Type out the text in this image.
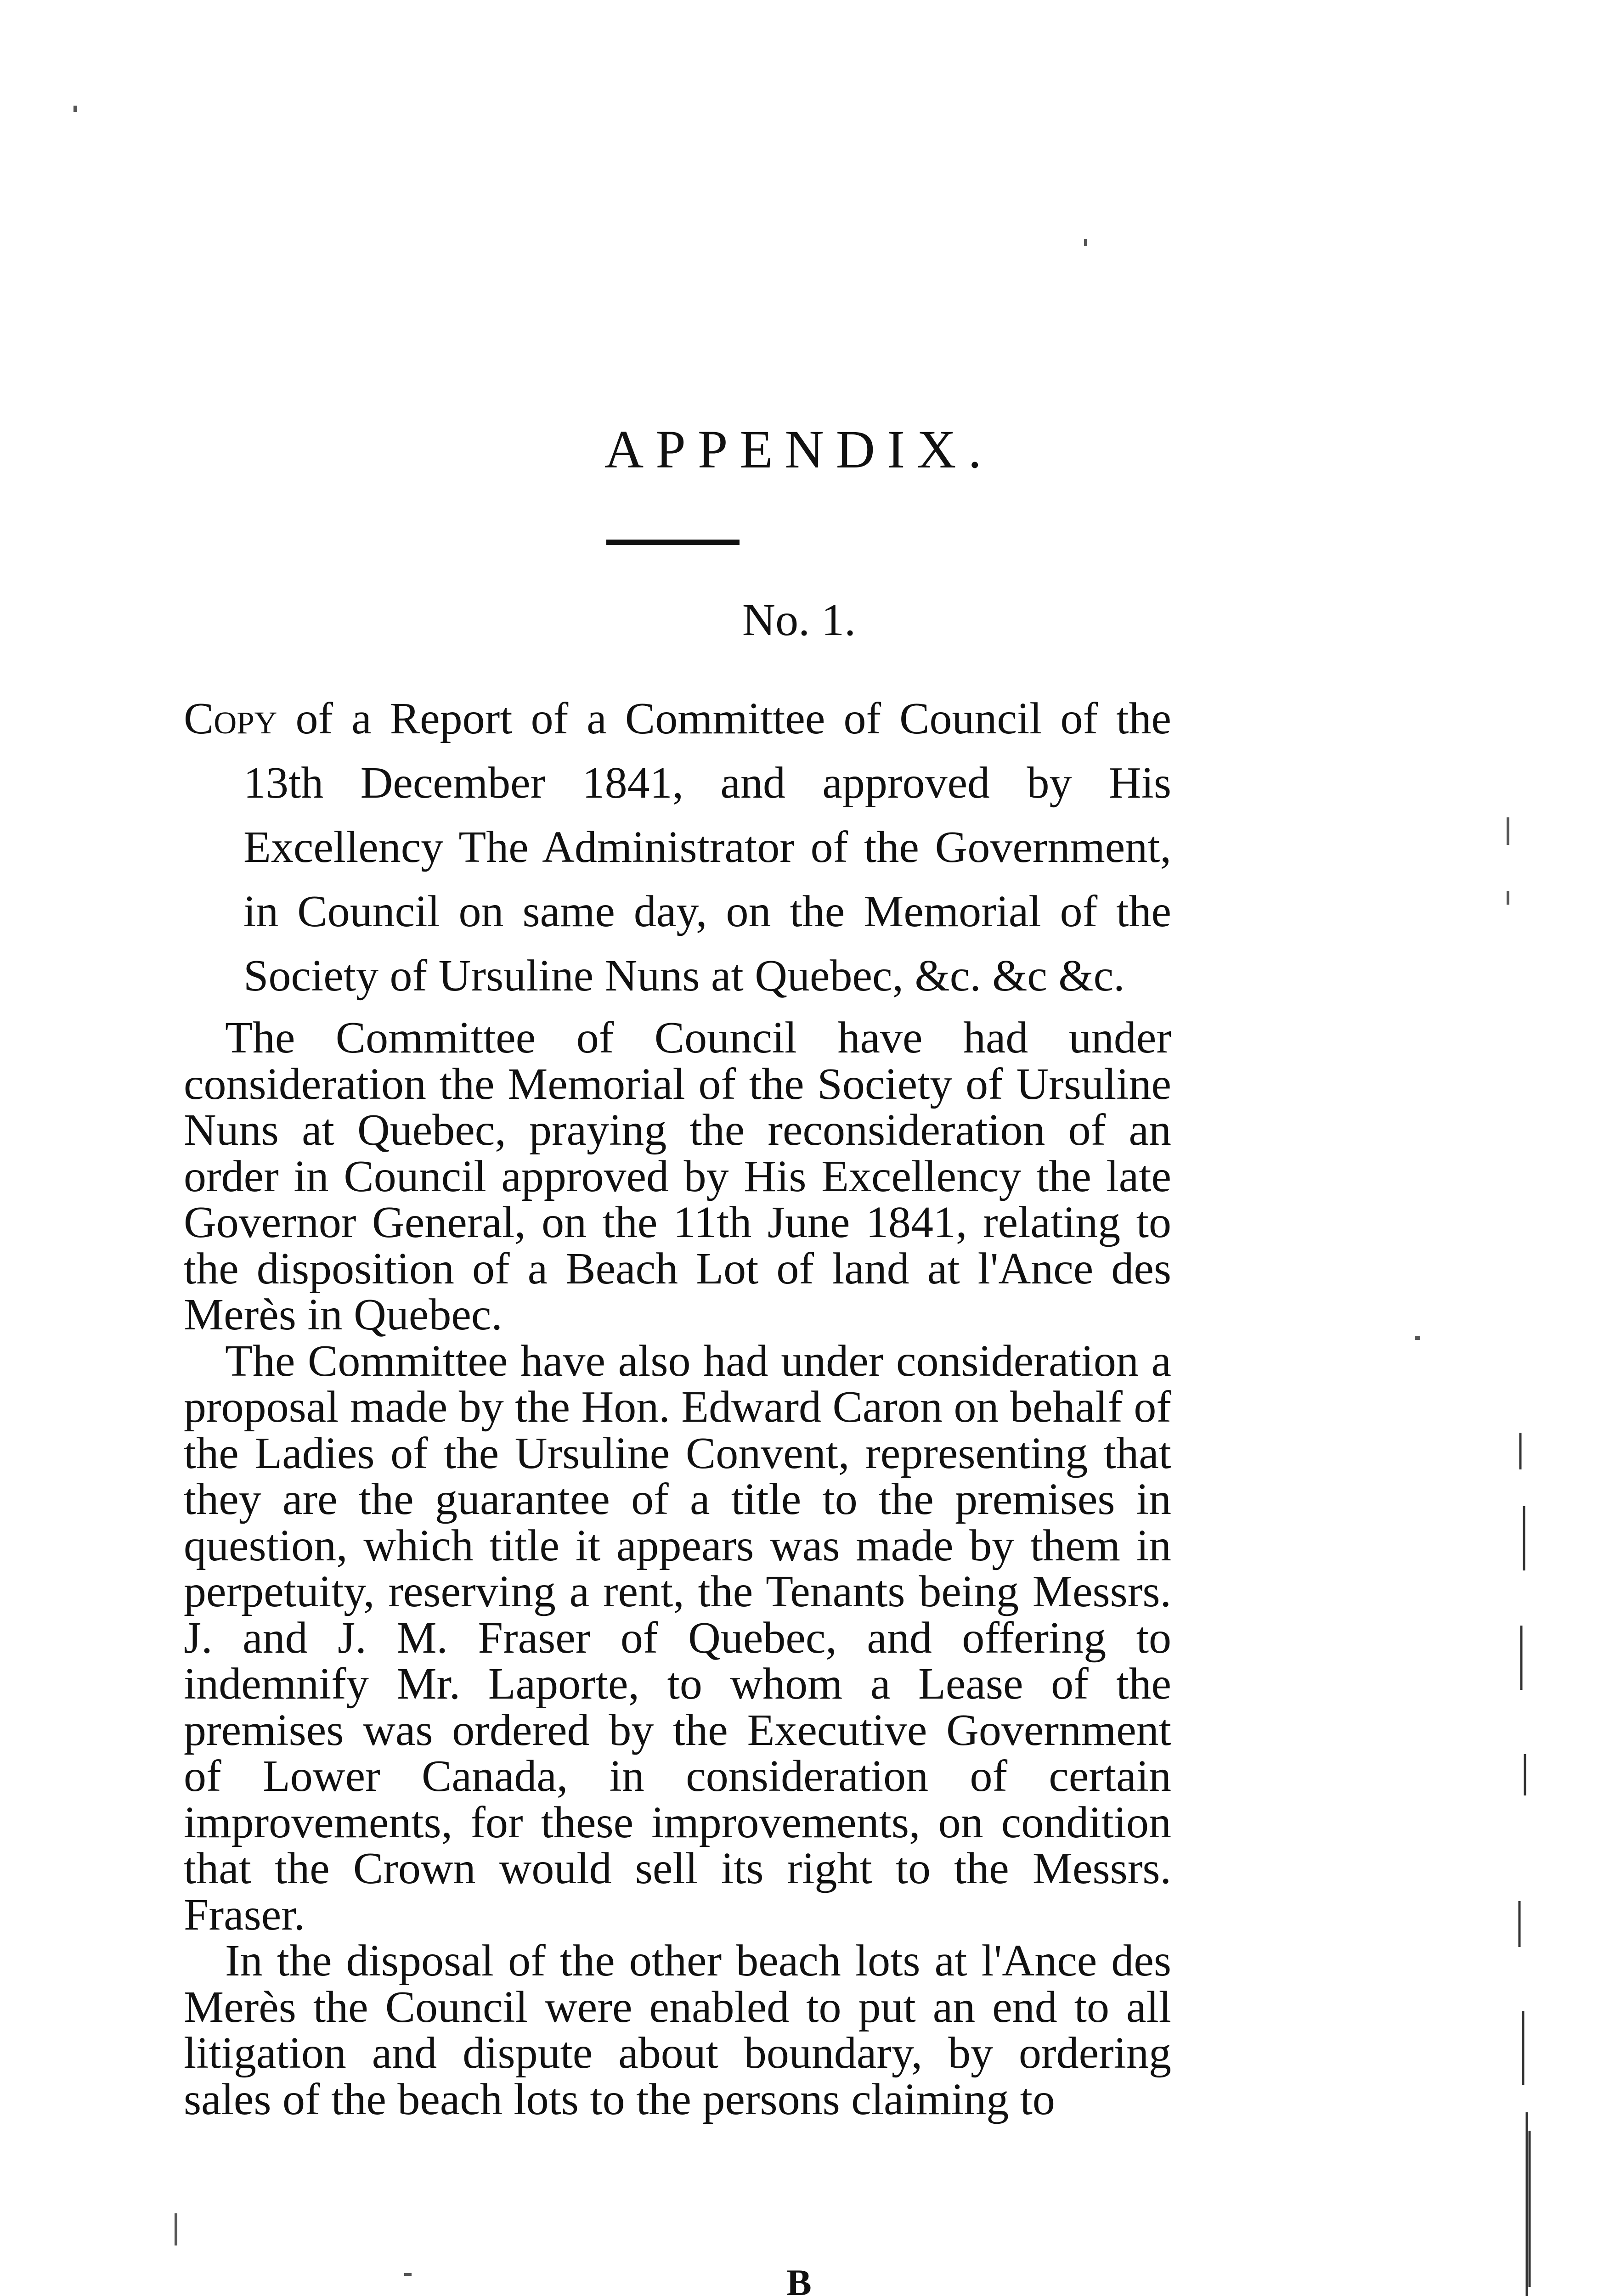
APPENDIX.
No. 1.
Copy of a Report of a Committee of Council of the 13th December 1841, and approved by His Excellency The Administrator of the Government, in Council on same day, on the Memorial of the Society of Ursuline Nuns at Quebec, &c. &c &c.

The Committee of Council have had under consideration the Memorial of the Society of Ursuline Nuns at Quebec, praying the reconsideration of an order in Council approved by His Excellency the late Governor General, on the 11th June 1841, relating to the disposition of a Beach Lot of land at l'Ance des Merès in Quebec.

The Committee have also had under consideration a proposal made by the Hon. Edward Caron on behalf of the Ladies of the Ursuline Convent, representing that they are the guarantee of a title to the premises in question, which title it appears was made by them in perpetuity, reserving a rent, the Tenants being Messrs. J. and J. M. Fraser of Quebec, and offering to indemnify Mr. Laporte, to whom a Lease of the premises was ordered by the Executive Government of Lower Canada, in consideration of certain improvements, for these improvements, on condition that the Crown would sell its right to the Messrs. Fraser.

In the disposal of the other beach lots at l'Ance des Merès the Council were enabled to put an end to all litigation and dispute about boundary, by ordering sales of the beach lots to the persons claiming to

B
